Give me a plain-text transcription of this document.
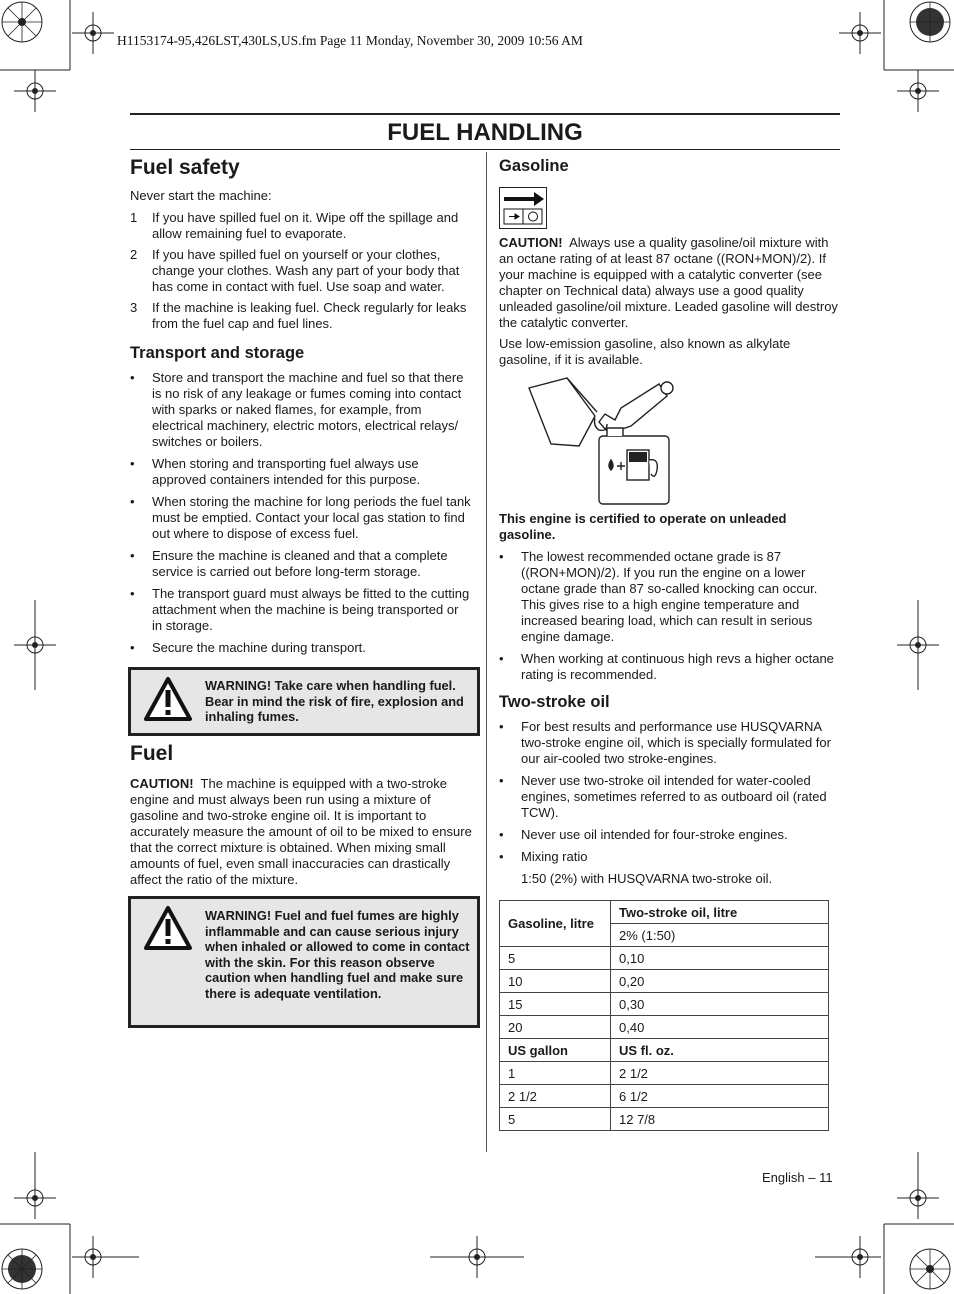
H1153174-95,426LST,430LS,US.fm Page 11 Monday, November 30, 2009 10:56 AM
FUEL HANDLING
Fuel safety

Never start the machine:

1	If you have spilled fuel on it. Wipe off the spillage and allow remaining fuel to evaporate.
2	If you have spilled fuel on yourself or your clothes, change your clothes. Wash any part of your body that has come in contact with fuel. Use soap and water.
3	If the machine is leaking fuel. Check regularly for leaks from the fuel cap and fuel lines.
Transport and storage
•	Store and transport the machine and fuel so that there is no risk of any leakage or fumes coming into contact with sparks or naked flames, for example, from electrical machinery, electric motors, electrical relays/ switches or boilers.
•	When storing and transporting fuel always use approved containers intended for this purpose.
•	When storing the machine for long periods the fuel tank must be emptied. Contact your local gas station to find out where to dispose of excess fuel.
•	Ensure the machine is cleaned and that a complete service is carried out before long-term storage.
•	The transport guard must always be fitted to the cutting attachment when the machine is being transported or in storage.
•	Secure the machine during transport.
WARNING! Take care when handling fuel. Bear in mind the risk of fire, explosion and inhaling fumes.
Fuel

CAUTION! The machine is equipped with a two-stroke engine and must always been run using a mixture of gasoline and two-stroke engine oil. It is important to accurately measure the amount of oil to be mixed to ensure that the correct mixture is obtained. When mixing small amounts of fuel, even small inaccuracies can drastically affect the ratio of the mixture.

WARNING! Fuel and fuel fumes are highly inflammable and can cause serious injury when inhaled or allowed to come in contact with the skin. For this reason observe caution when handling fuel and make sure there is adequate ventilation.
Gasoline

CAUTION! Always use a quality gasoline/oil mixture with an octane rating of at least 87 octane ((RON+MON)/2). If your machine is equipped with a catalytic converter (see chapter on Technical data) always use a good quality unleaded gasoline/oil mixture. Leaded gasoline will destroy the catalytic converter.

Use low-emission gasoline, also known as alkylate gasoline, if it is available.

This engine is certified to operate on unleaded gasoline.

•	The lowest recommended octane grade is 87 ((RON+MON)/2). If you run the engine on a lower octane grade than 87 so-called knocking can occur. This gives rise to a high engine temperature and increased bearing load, which can result in serious engine damage.
•	When working at continuous high revs a higher octane rating is recommended.
Two-stroke oil
•	For best results and performance use HUSQVARNA two-stroke engine oil, which is specially formulated for our air-cooled two stroke-engines.
•	Never use two-stroke oil intended for water-cooled engines, sometimes referred to as outboard oil (rated TCW).
•	Never use oil intended for four-stroke engines.
•	Mixing ratio

1:50 (2%) with HUSQVARNA two-stroke oil.

Gasoline, litre	Two-stroke oil, litre
	2% (1:50)
5	0,10
10	0,20
15	0,30
20	0,40
US gallon	US fl. oz.
1	2 1/2
2 1/2	6 1/2
5	12 7/8
English – 11
